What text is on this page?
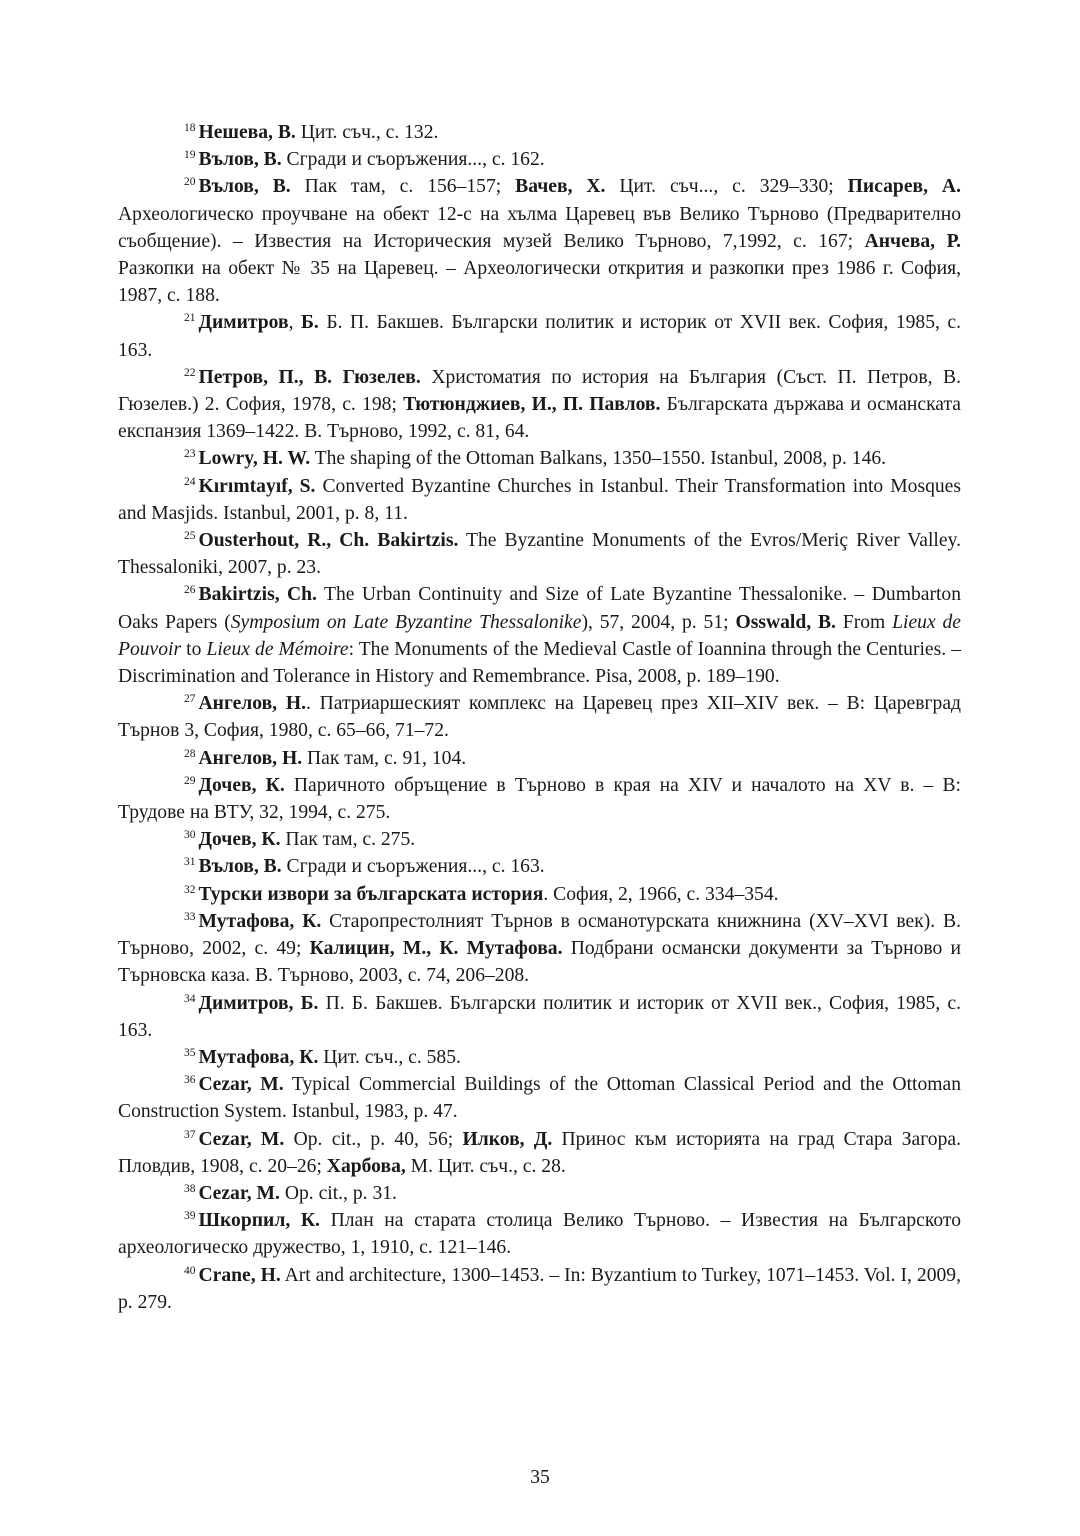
$^{18}$ Нешева, В. Цит. съч., с. 132.

$^{19}$ Вълов, В. Сгради и съоръжения..., с. 162.

$^{20}$ Вълов, В. Пак там, с. 156–157; Вачев, Х. Цит. съч..., с. 329–330; Писарев, А. Археологическо проучване на обект 12-с на хълма Царевец във Велико Търново (Предварително съобщение). – Известия на Историческия музей Велико Търново, 7,1992, с. 167; Анчева, Р. Разкопки на обект № 35 на Царевец. – Археологически открития и разкопки през 1986 г. София, 1987, с. 188.

$^{21}$ Димитров, Б. Б. П. Бакшев. Български политик и историк от XVII век. София, 1985, с. 163.

$^{22}$ Петров, П., В. Гюзелев. Христоматия по история на България (Съст. П. Петров, В. Гюзелев.) 2. София, 1978, с. 198; Тютюнджиев, И., П. Павлов. Българската държава и османската експанзия 1369–1422. В. Търново, 1992, с. 81, 64.

$^{23}$ Lowry, H. W. The shaping of the Ottoman Balkans, 1350–1550. Istanbul, 2008, p. 146.

$^{24}$ Kırımtayıf, S. Converted Byzantine Churches in Istanbul. Their Transformation into Mosques and Masjids. Istanbul, 2001, p. 8, 11.

$^{25}$ Ousterhout, R., Ch. Bakirtzis. The Byzantine Monuments of the Evros/Meriç River Valley. Thessaloniki, 2007, p. 23.

$^{26}$ Bakirtzis, Ch. The Urban Continuity and Size of Late Byzantine Thessalonike. – Dumbarton Oaks Papers (Symposium on Late Byzantine Thessalonike), 57, 2004, p. 51; Osswald, B. From Lieux de Pouvoir to Lieux de Mémoire: The Monuments of the Medieval Castle of Ioannina through the Centuries. – Discrimination and Tolerance in History and Remembrance. Pisa, 2008, p. 189–190.

$^{27}$ Ангелов, Н.. Патриаршеският комплекс на Царевец през XII–XIV век. – В: Царевград Търнов 3, София, 1980, с. 65–66, 71–72.

$^{28}$ Ангелов, Н. Пак там, с. 91, 104.

$^{29}$ Дочев, К. Паричното обръщение в Търново в края на XIV и началото на XV в. – В: Трудове на ВТУ, 32, 1994, с. 275.

$^{30}$ Дочев, К. Пак там, с. 275.

$^{31}$ Вълов, В. Сгради и съоръжения..., с. 163.

$^{32}$ Турски извори за българската история. София, 2, 1966, с. 334–354.

$^{33}$ Мутафова, К. Старопрестолният Търнов в османотурската книжнина (XV–XVI век). В. Търново, 2002, с. 49; Калицин, М., К. Мутафова. Подбрани османски документи за Търново и Търновска каза. В. Търново, 2003, с. 74, 206–208.

$^{34}$ Димитров, Б. П. Б. Бакшев. Български политик и историк от XVII век., София, 1985, с. 163.

$^{35}$ Мутафова, К. Цит. съч., с. 585.

$^{36}$ Cezar, M. Typical Commercial Buildings of the Ottoman Classical Period and the Ottoman Construction System. Istanbul, 1983, p. 47.

$^{37}$ Cezar, M. Op. cit., p. 40, 56; Илков, Д. Принос към историята на град Стара Загора. Пловдив, 1908, с. 20–26; Харбова, М. Цит. съч., с. 28.

$^{38}$ Cezar, M. Op. cit., p. 31.

$^{39}$ Шкорпил, К. План на старата столица Велико Търново. – Известия на Българското археологическо дружество, 1, 1910, с. 121–146.

$^{40}$ Crane, H. Art and architecture, 1300–1453. – In: Byzantium to Turkey, 1071–1453. Vol. I, 2009, p. 279.

35
